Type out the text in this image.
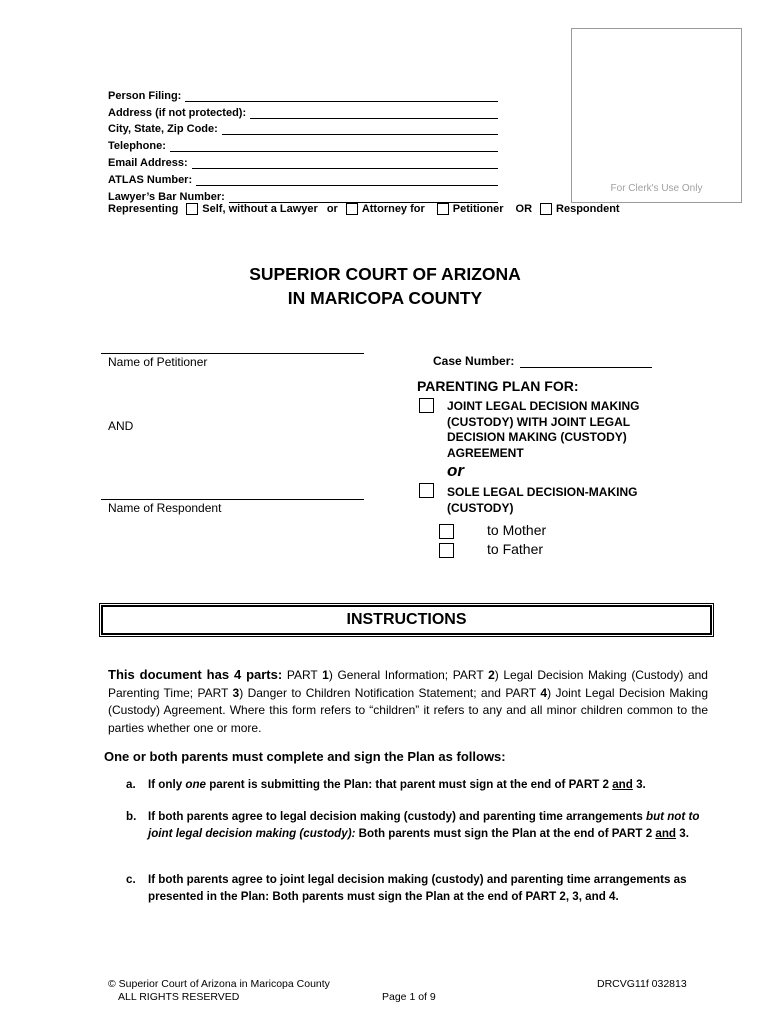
For Clerk's Use Only
Person Filing:
Address (if not protected):
City, State, Zip Code:
Telephone:
Email Address:
ATLAS Number:
Lawyer’s Bar Number:
Representing Self, without a Lawyer or Attorney for	Petitioner OR Respondent
SUPERIOR COURT OF ARIZONA
IN MARICOPA COUNTY
Name of Petitioner
AND
Name of Respondent
Case Number:
PARENTING PLAN FOR:
JOINT LEGAL DECISION MAKING
(CUSTODY) WITH JOINT LEGAL
DECISION MAKING (CUSTODY)
AGREEMENT
or
SOLE LEGAL DECISION-MAKING
(CUSTODY)
to Mother
to Father
INSTRUCTIONS
This document has 4 parts: PART 1) General Information; PART 2) Legal Decision Making (Custody) and Parenting Time; PART 3) Danger to Children Notification Statement; and PART 4) Joint Legal Decision Making (Custody) Agreement. Where this form refers to “children” it refers to any and all minor children common to the parties whether one or more.
One or both parents must complete and sign the Plan as follows:
a.	If only one parent is submitting the Plan: that parent must sign at the end of PART 2 and 3.
b.	If both parents agree to legal decision making (custody) and parenting time arrangements but not to joint legal decision making (custody): Both parents must sign the Plan at the end of PART 2 and 3.
c.	If both parents agree to joint legal decision making (custody) and parenting time arrangements as presented in the Plan: Both parents must sign the Plan at the end of PART 2, 3, and 4.
© Superior Court of Arizona in Maricopa County
ALL RIGHTS RESERVED	Page 1 of 9
DRCVG11f 032813
